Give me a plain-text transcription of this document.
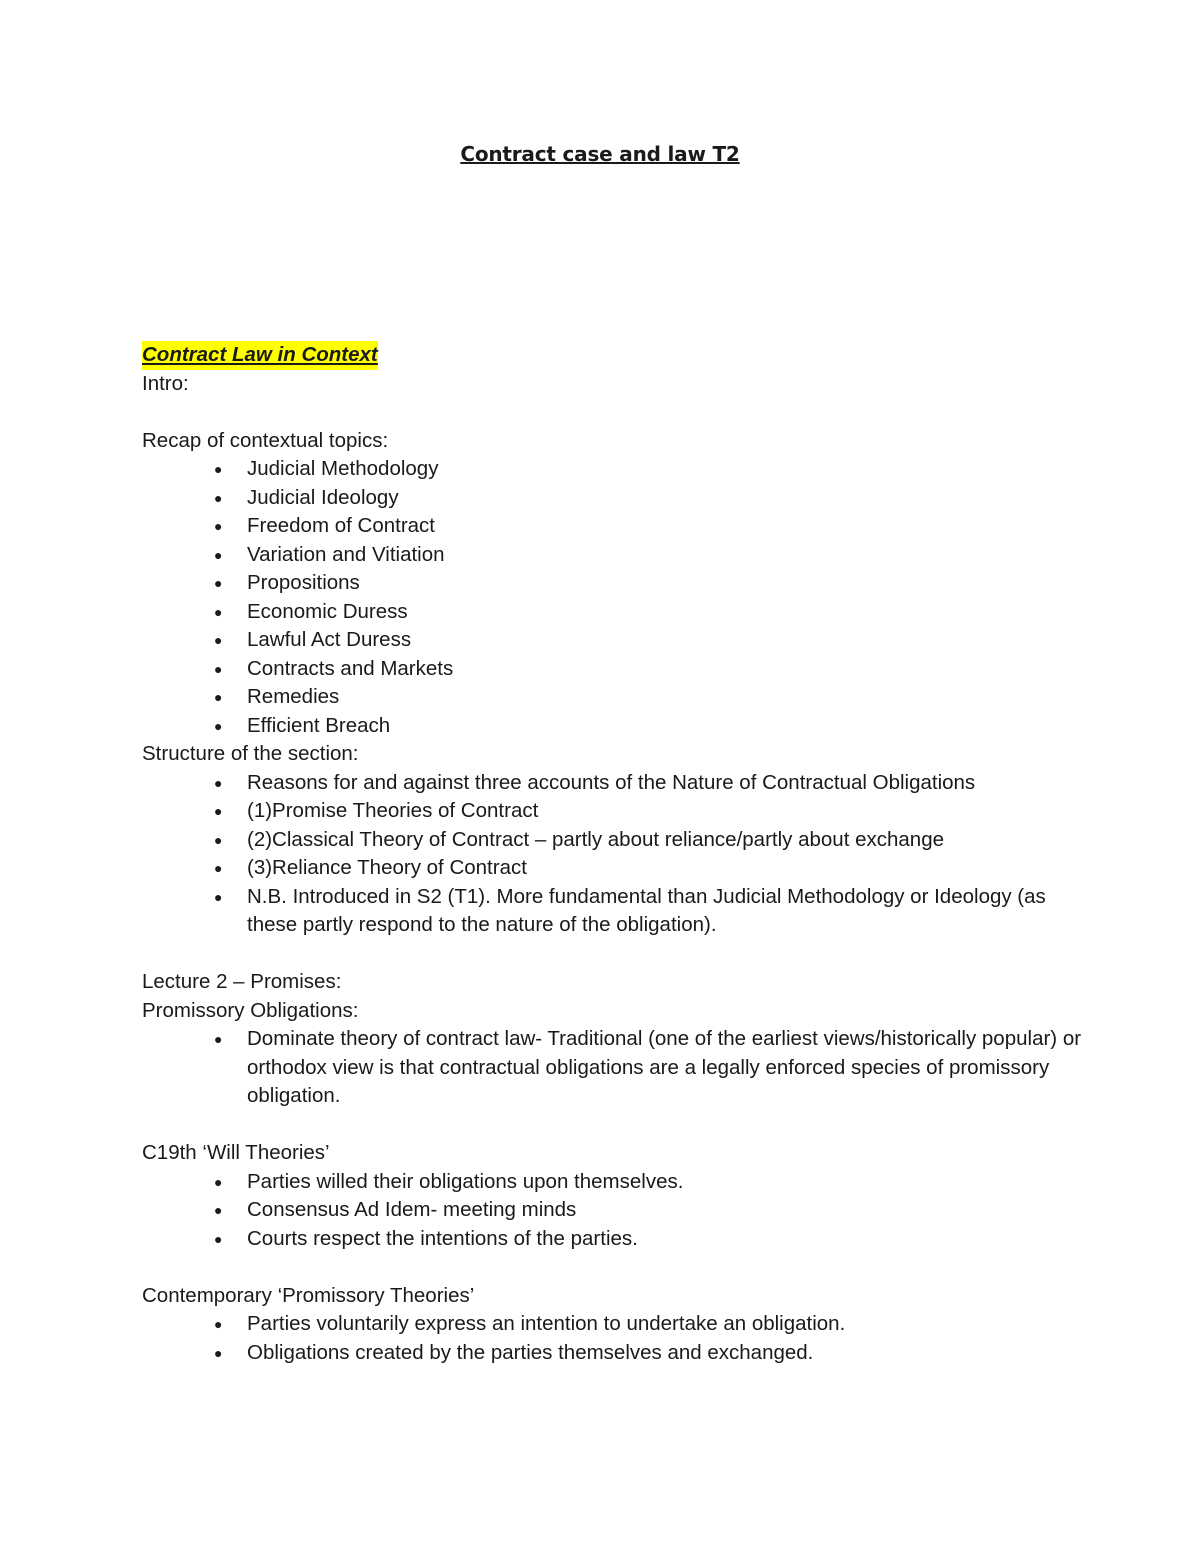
Contract case and law T2
Contract Law in Context

Intro:

Recap of contextual topics:

● Judicial Methodology
● Judicial Ideology
● Freedom of Contract
● Variation and Vitiation
● Propositions
● Economic Duress
● Lawful Act Duress
● Contracts and Markets
● Remedies
● Efficient Breach

Structure of the section:

● Reasons for and against three accounts of the Nature of Contractual Obligations
● (1)Promise Theories of Contract
● (2)Classical Theory of Contract – partly about reliance/partly about exchange
● (3)Reliance Theory of Contract
● N.B. Introduced in S2 (T1). More fundamental than Judicial Methodology or Ideology (as these partly respond to the nature of the obligation).

Lecture 2 – Promises:

Promissory Obligations:

● Dominate theory of contract law- Traditional (one of the earliest views/historically popular) or orthodox view is that contractual obligations are a legally enforced species of promissory obligation.

C19th ‘Will Theories’

● Parties willed their obligations upon themselves.
● Consensus Ad Idem- meeting minds
● Courts respect the intentions of the parties.

Contemporary ‘Promissory Theories’

● Parties voluntarily express an intention to undertake an obligation.
● Obligations created by the parties themselves and exchanged.
